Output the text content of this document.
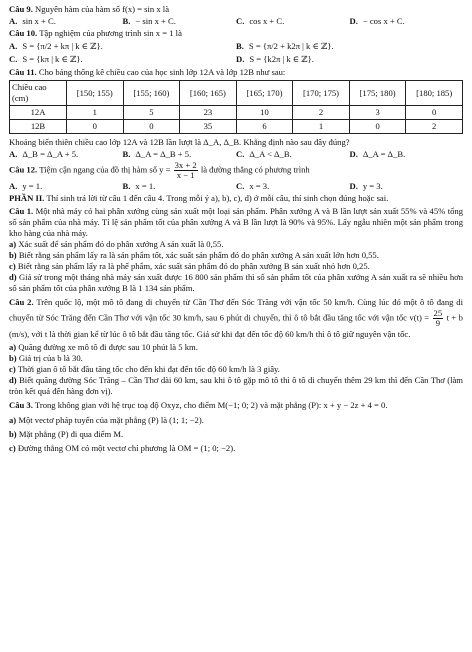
Câu 9. Nguyên hàm của hàm số f(x) = sin x là

A. sin x + C.	B. − sin x + C.	C. cos x + C.	D. − cos x + C.

Câu 10. Tập nghiệm của phương trình sin x = 1 là

A. S = {π/2 + kπ | k ∈ ℤ}.	B. S = {π/2 + k2π | k ∈ ℤ}.
C. S = {kπ | k ∈ ℤ}.	D. S = {k2π | k ∈ ℤ}.

Câu 11. Cho bảng thống kê chiều cao của học sinh lớp 12A và lớp 12B như sau:

Chiều cao (cm)	[150; 155)	[155; 160)	[160; 165)	[165; 170)	[170; 175)	[175; 180)	[180; 185)
12A	1	5	23	10	2	3	0
12B	0	0	35	6	1	0	2

Khoảng biến thiên chiều cao lớp 12A và 12B lần lượt là Δ_A, Δ_B. Khẳng định nào sau đây đúng?

A. Δ_B = Δ_A + 5.	B. Δ_A = Δ_B + 5.	C. Δ_A < Δ_B.	D. Δ_A = Δ_B.

Câu 12. Tiệm cận ngang của đồ thị hàm số $y = \frac{3x + 2}{x - 1}$ là đường thẳng có phương trình

A. y = 1.	B. x = 1.	C. x = 3.	D. y = 3.

PHẦN II. Thí sinh trả lời từ câu 1 đến câu 4. Trong mỗi ý a), b), c), d) ở mỗi câu, thí sinh chọn đúng hoặc sai.

Câu 1. Một nhà máy có hai phân xưởng cùng sản xuất một loại sản phẩm. Phân xưởng A và B lần lượt sản xuất 55% và 45% tổng số sản phẩm của nhà máy. Tỉ lệ sản phẩm tốt của phân xưởng A và B lần lượt là 90% và 95%. Lấy ngẫu nhiên một sản phẩm trong kho hàng của nhà máy.

a) Xác suất để sản phẩm đó do phân xưởng A sản xuất là 0,55.

b) Biết rằng sản phẩm lấy ra là sản phẩm tốt, xác suất sản phẩm đó do phân xưởng A sản xuất lớn hơn 0,55.

c) Biết rằng sản phẩm lấy ra là phế phẩm, xác suất sản phẩm đó do phân xưởng B sản xuất nhỏ hơn 0,25.

d) Giả sử trong một tháng nhà máy sản xuất được 16 800 sản phẩm thì số sản phẩm tốt của phân xưởng A sản xuất ra sẽ nhiều hơn số sản phẩm tốt của phân xưởng B là 1 134 sản phẩm.

Câu 2. Trên quốc lộ, một mô tô đang di chuyển từ Cần Thơ đến Sóc Trăng với vận tốc 50 km/h. Cùng lúc đó một ô tô đang di chuyển từ Sóc Trăng đến Cần Thơ với vận tốc 30 km/h, sau 6 phút di chuyển, thì ô tô bắt đầu tăng tốc với vận tốc $v(t) = \frac{25}{9}$ t + b (m/s), với t là thời gian kể từ lúc ô tô bắt đầu tăng tốc. Giả sử khi đạt đến tốc độ 60 km/h thì ô tô giữ nguyên vận tốc.

a) Quãng đường xe mô tô đi được sau 10 phút là 5 km.

b) Giá trị của b là 30.

c) Thời gian ô tô bắt đầu tăng tốc cho đến khi đạt đến tốc độ 60 km/h là 3 giây.

d) Biết quãng đường Sóc Trăng – Cần Thơ dài 60 km, sau khi ô tô gặp mô tô thì ô tô di chuyển thêm 29 km thì đến Cần Thơ (làm tròn kết quả đến hàng đơn vị).

Câu 3. Trong không gian với hệ trục toạ độ Oxyz, cho điểm M(−1; 0; 2) và mặt phẳng (P): x + y − 2z + 4 = 0.

a) Một vectơ pháp tuyến của mặt phẳng (P) là (1; 1; −2).

b) Mặt phẳng (P) đi qua điểm M.

c) Đường thẳng OM có một vectơ chỉ phương là OM = (1; 0; −2).
